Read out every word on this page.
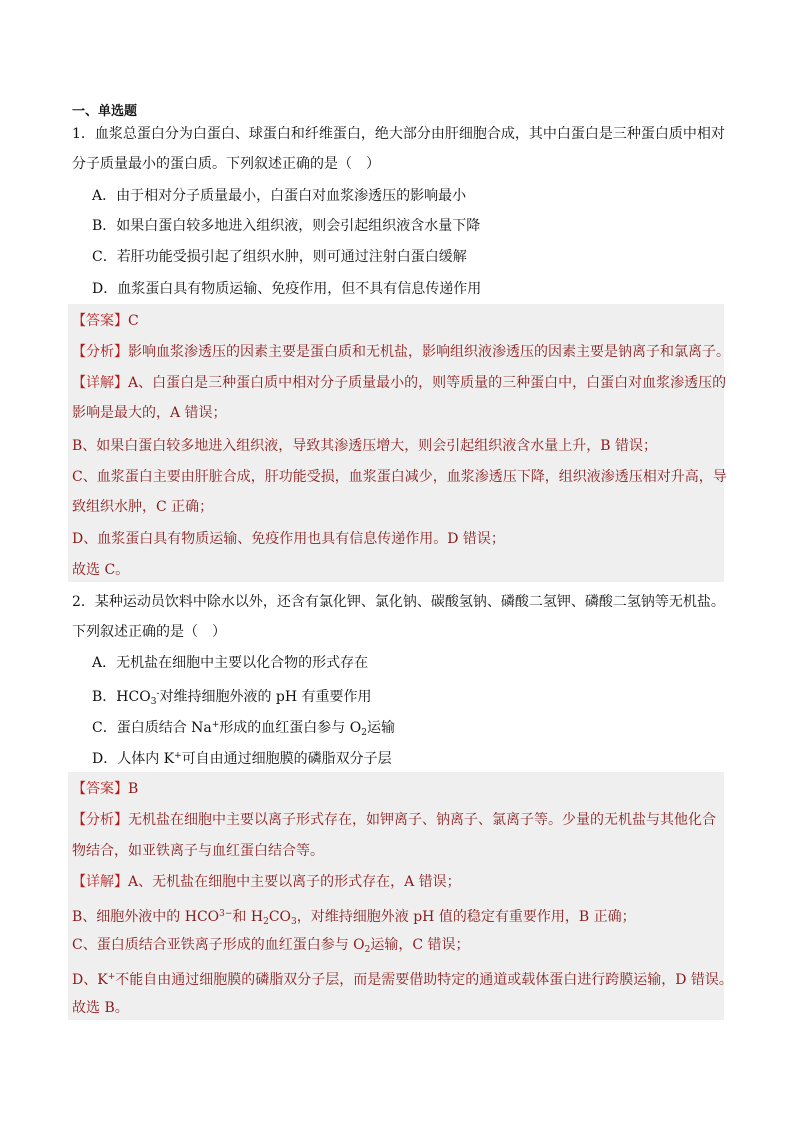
一、单选题
1．血浆总蛋白分为白蛋白、球蛋白和纤维蛋白，绝大部分由肝细胞合成，其中白蛋白是三种蛋白质中相对
分子质量最小的蛋白质。下列叙述正确的是（　）
A．由于相对分子质量最小，白蛋白对血浆渗透压的影响最小
B．如果白蛋白较多地进入组织液，则会引起组织液含水量下降
C．若肝功能受损引起了组织水肿，则可通过注射白蛋白缓解
D．血浆蛋白具有物质运输、免疫作用，但不具有信息传递作用
【答案】C
【分析】影响血浆渗透压的因素主要是蛋白质和无机盐，影响组织液渗透压的因素主要是钠离子和氯离子。
【详解】A、白蛋白是三种蛋白质中相对分子质量最小的，则等质量的三种蛋白中，白蛋白对血浆渗透压的
影响是最大的，A 错误；
B、如果白蛋白较多地进入组织液，导致其渗透压增大，则会引起组织液含水量上升，B 错误；
C、血浆蛋白主要由肝脏合成，肝功能受损，血浆蛋白减少，血浆渗透压下降，组织液渗透压相对升高，导
致组织水肿，C 正确；
D、血浆蛋白具有物质运输、免疫作用也具有信息传递作用。D 错误；
故选 C。
2．某种运动员饮料中除水以外，还含有氯化钾、氯化钠、碳酸氢钠、磷酸二氢钾、磷酸二氢钠等无机盐。
下列叙述正确的是（　）
A．无机盐在细胞中主要以化合物的形式存在
B．$HCO_3^-$对维持细胞外液的 pH 有重要作用
C．蛋白质结合 Na+形成的血红蛋白参与 $O_2$运输
D．人体内 K+可自由通过细胞膜的磷脂双分子层
【答案】B
【分析】无机盐在细胞中主要以离子形式存在，如钾离子、钠离子、氯离子等。少量的无机盐与其他化合
物结合，如亚铁离子与血红蛋白结合等。
【详解】A、无机盐在细胞中主要以离子的形式存在，A 错误；
B、细胞外液中的 $HCO^{3-}$和 $H_2CO_3$，对维持细胞外液 pH 值的稳定有重要作用，B 正确；
C、蛋白质结合亚铁离子形成的血红蛋白参与 $O_2$运输，C 错误；
D、K+不能自由通过细胞膜的磷脂双分子层，而是需要借助特定的通道或载体蛋白进行跨膜运输，D 错误。
故选 B。
